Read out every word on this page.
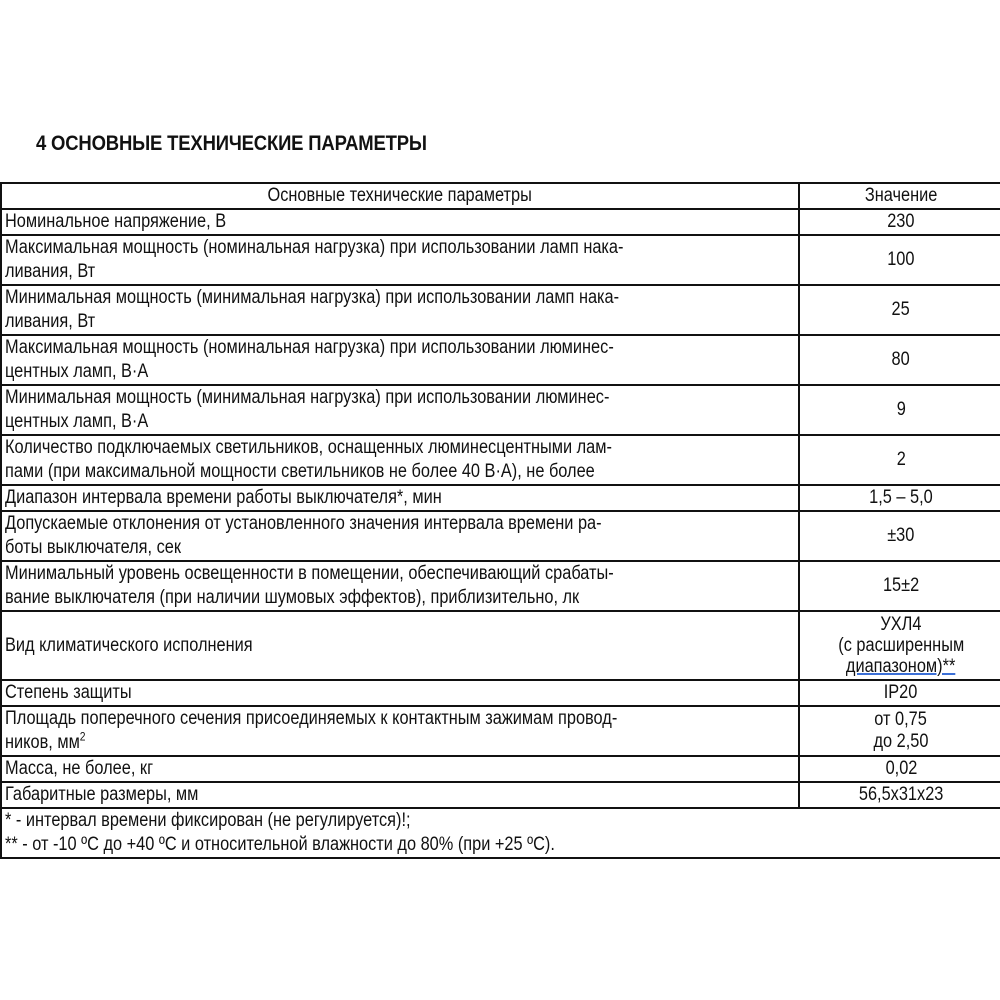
4 ОСНОВНЫЕ ТЕХНИЧЕСКИЕ ПАРАМЕТРЫ
Основные технические параметры	Значение
Номинальное напряжение, В	230
Максимальная мощность (номинальная нагрузка) при использовании ламп нака-
ливания, Вт	100
Минимальная мощность (минимальная нагрузка) при использовании ламп нака-
ливания, Вт	25
Максимальная мощность (номинальная нагрузка) при использовании люминес-
центных ламп, В·А	80
Минимальная мощность (минимальная нагрузка) при использовании люминес-
центных ламп, В·А	9
Количество подключаемых светильников, оснащенных люминесцентными лам-
пами (при максимальной мощности светильников не более 40 В·А), не более	2
Диапазон интервала времени работы выключателя*, мин	1,5 – 5,0
Допускаемые отклонения от установленного значения интервала времени ра-
боты выключателя, сек	±30
Минимальный уровень освещенности в помещении, обеспечивающий срабаты-
вание выключателя (при наличии шумовых эффектов), приблизительно, лк	15±2
Вид климатического исполнения	УХЛ4
(с расширенным
диапазоном)**
Степень защиты	IP20
Площадь поперечного сечения присоединяемых к контактным зажимам провод-
ников, $мм^2$	от 0,75
до 2,50
Масса, не более, кг	0,02
Габаритные размеры, мм	56,5х31х23
* - интервал времени фиксирован (не регулируется)!;
** - от -10 ºС до +40 ºС и относительной влажности до 80% (при +25 ºС).	
